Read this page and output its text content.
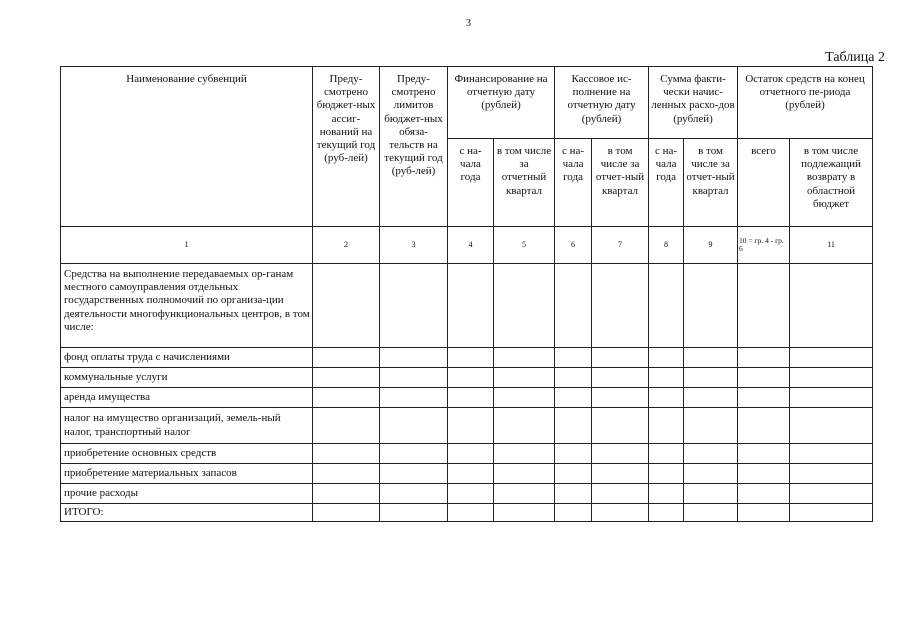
3
Таблица 2
Наименование субвенций	Преду-смотрено бюджет-ных ассиг-нований на текущий год (руб-лей)	Преду-смотрено лимитов бюджет-ных обяза-тельств на текущий год (руб-лей)	Финансирование на отчетную дату (рублей)		Кассовое ис-полнение на отчетную дату (рублей)		Сумма факти-чески начис-ленных расхо-дов (рублей)		Остаток средств на конец отчетного пе-риода (рублей)	
			с на-чала года	в том числе за отчетный квартал	с на-чала года	в том числе за отчет-ный квартал	с на-чала года	в том числе за отчет-ный квартал	всего	в том числе подлежащий возврату в областной бюджет
1	2	3	4	5	6	7	8	9	10 = гр. 4 - гр. 6	11
Средства на выполнение передаваемых ор-ганам местного самоуправления отдельных государственных полномочий по организа-ции деятельности многофункциональных центров, в том числе:										
фонд оплаты труда с начислениями										
коммунальные услуги										
аренда имущества										
налог на имущество организаций, земель-ный налог, транспортный налог										
приобретение основных средств										
приобретение материальных запасов										
прочие расходы										
ИТОГО:										
